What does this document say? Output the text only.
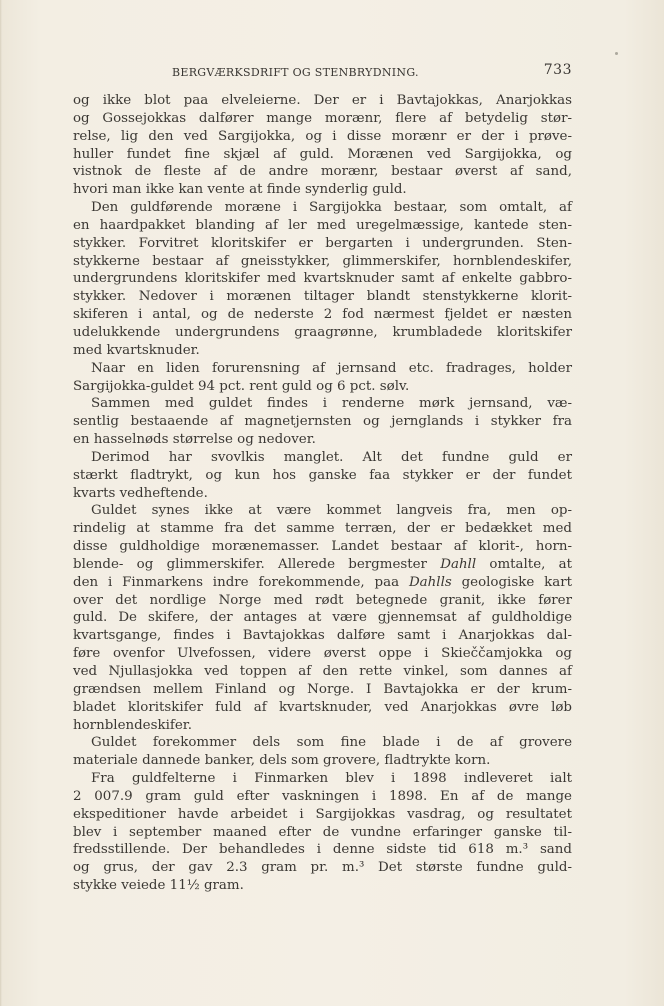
BERGVÆRKSDRIFT OG STENBRYDNING.	733
og ikke blot paa elveleierne. Der er i Bavtajokkas, Anarjokkas
og Gossejokkas dalfører mange morænr, flere af betydelig stør-
relse, lig den ved Sargijokka, og i disse morænr er der i prøve-
huller fundet fine skjæl af guld. Morænen ved Sargijokka, og
vistnok de fleste af de andre morænr, bestaar øverst af sand,
hvori man ikke kan vente at finde synderlig guld.
Den guldførende moræne i Sargijokka bestaar, som omtalt, af
en haardpakket blanding af ler med uregelmæssige, kantede sten-
stykker. Forvitret kloritskifer er bergarten i undergrunden. Sten-
stykkerne bestaar af gneisstykker, glimmerskifer, hornblendeskifer,
undergrundens kloritskifer med kvartsknuder samt af enkelte gabbro-
stykker. Nedover i morænen tiltager blandt stenstykkerne klorit-
skiferen i antal, og de nederste 2 fod nærmest fjeldet er næsten
udelukkende undergrundens graagrønne, krumbladede kloritskifer
med kvartsknuder.
Naar en liden forurensning af jernsand etc. fradrages, holder
Sargijokka-guldet 94 pct. rent guld og 6 pct. sølv.
Sammen med guldet findes i renderne mørk jernsand, væ-
sentlig bestaaende af magnetjernsten og jernglands i stykker fra
en hasselnøds størrelse og nedover.
Derimod har svovlkis manglet. Alt det fundne guld er
stærkt fladtrykt, og kun hos ganske faa stykker er der fundet
kvarts vedheftende.
Guldet synes ikke at være kommet langveis fra, men op-
rindelig at stamme fra det samme terræn, der er bedækket med
disse guldholdige morænemasser. Landet bestaar af klorit-, horn-
blende- og glimmerskifer. Allerede bergmester Dahll omtalte, at
den i Finmarkens indre forekommende, paa Dahlls geologiske kart
over det nordlige Norge med rødt betegnede granit, ikke fører
guld. De skifere, der antages at være gjennemsat af guldholdige
kvartsgange, findes i Bavtajokkas dalføre samt i Anarjokkas dal-
føre ovenfor Ulvefossen, videre øverst oppe i Skieččamjokka og
ved Njullasjokka ved toppen af den rette vinkel, som dannes af
grændsen mellem Finland og Norge. I Bavtajokka er der krum-
bladet kloritskifer fuld af kvartsknuder, ved Anarjokkas øvre løb
hornblendeskifer.
Guldet forekommer dels som fine blade i de af grovere
materiale dannede banker, dels som grovere, fladtrykte korn.
Fra guldfelterne i Finmarken blev i 1898 indleveret ialt
2 007.9 gram guld efter vaskningen i 1898. En af de mange
ekspeditioner havde arbeidet i Sargijokkas vasdrag, og resultatet
blev i september maaned efter de vundne erfaringer ganske til-
fredsstillende. Der behandledes i denne sidste tid 618 m.³ sand
og grus, der gav 2.3 gram pr. m.³ Det største fundne guld-
stykke veiede 11½ gram.
